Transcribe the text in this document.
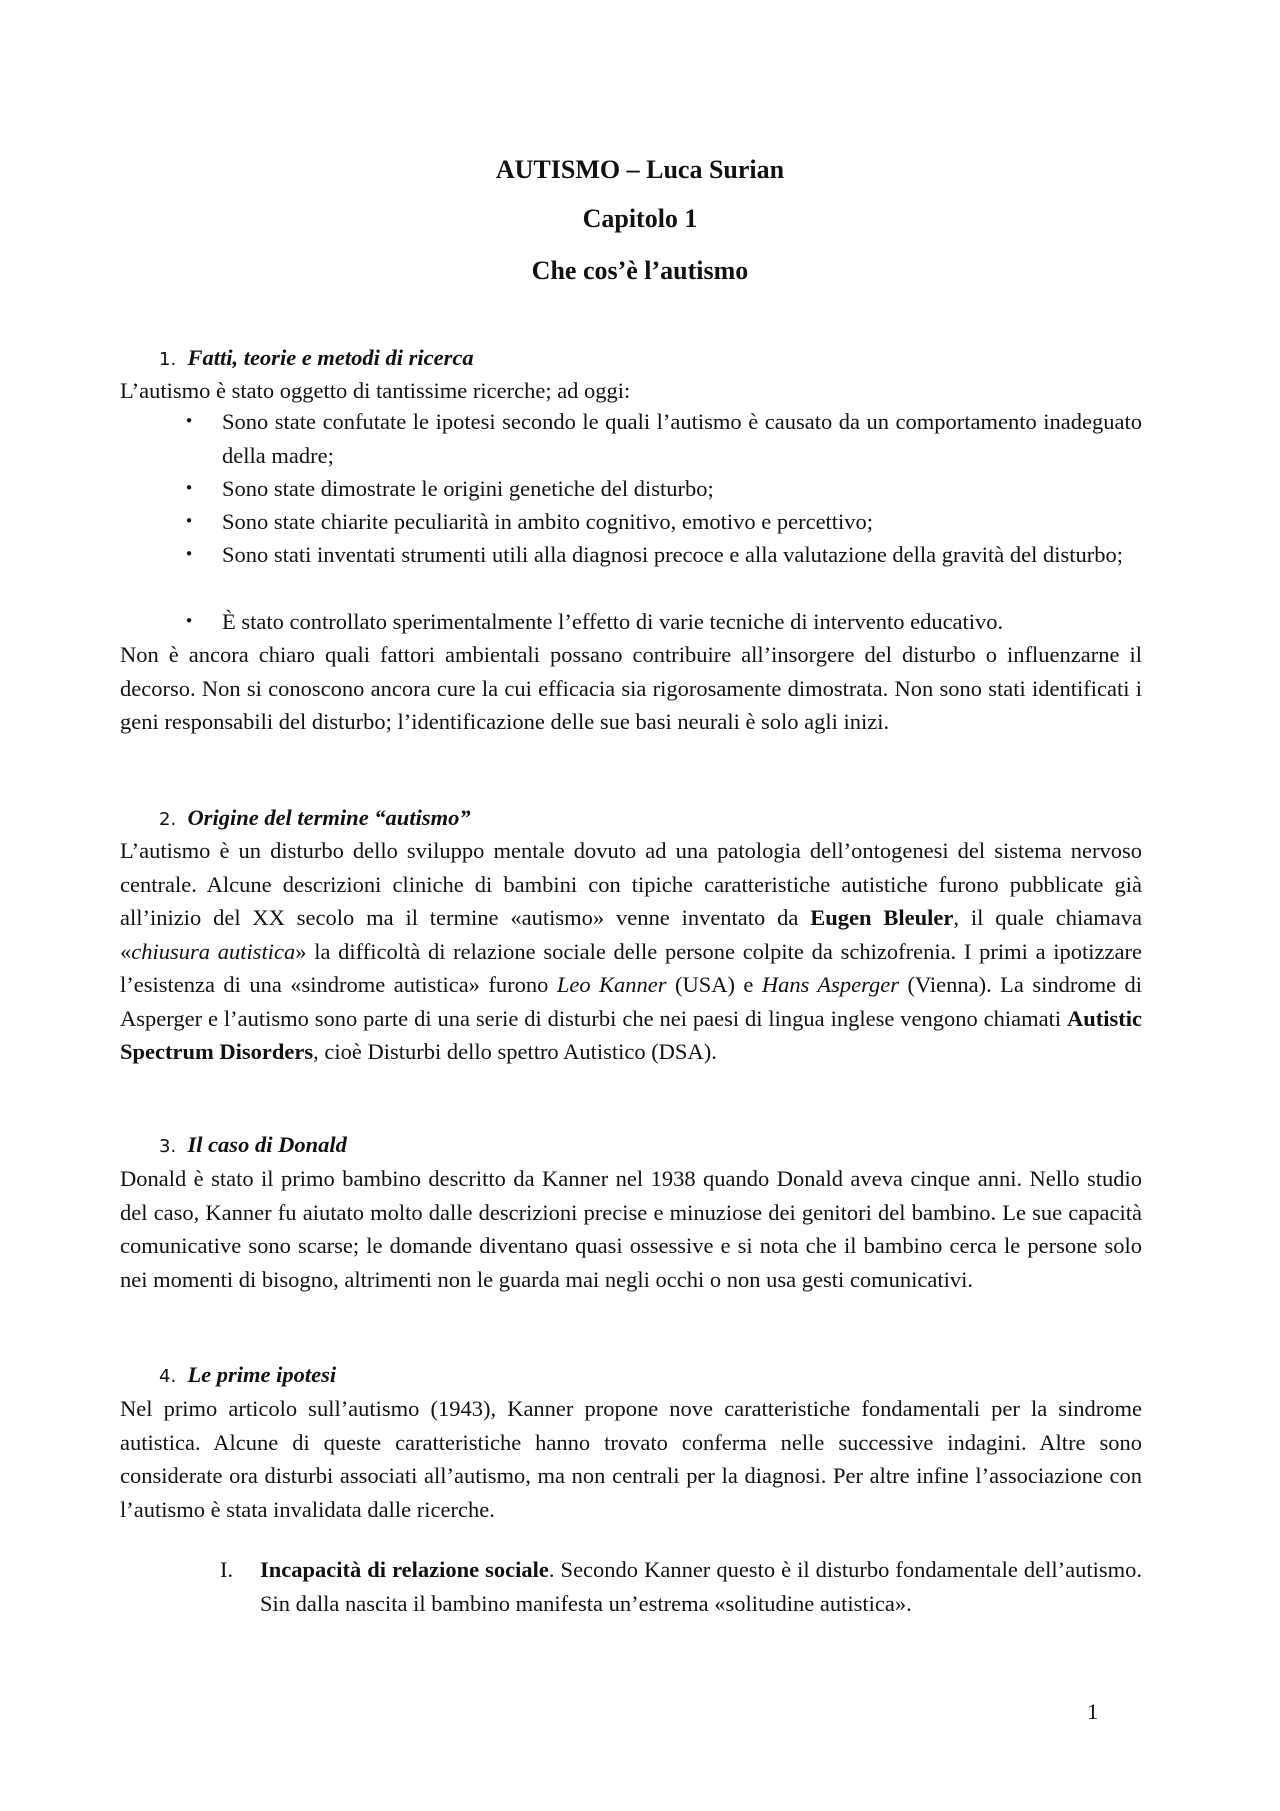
AUTISMO – Luca Surian
Capitolo 1
Che cos’è l’autismo
1. Fatti, teorie e metodi di ricerca
L’autismo è stato oggetto di tantissime ricerche; ad oggi:
• Sono state confutate le ipotesi secondo le quali l’autismo è causato da un comportamento inadeguato della madre;
• Sono state dimostrate le origini genetiche del disturbo;
• Sono state chiarite peculiarità in ambito cognitivo, emotivo e percettivo;
• Sono stati inventati strumenti utili alla diagnosi precoce e alla valutazione della gravità del disturbo;
• È stato controllato sperimentalmente l’effetto di varie tecniche di intervento educativo.
Non è ancora chiaro quali fattori ambientali possano contribuire all’insorgere del disturbo o influenzarne il decorso. Non si conoscono ancora cure la cui efficacia sia rigorosamente dimostrata. Non sono stati identificati i geni responsabili del disturbo; l’identificazione delle sue basi neurali è solo agli inizi.
2. Origine del termine “autismo”
L’autismo è un disturbo dello sviluppo mentale dovuto ad una patologia dell’ontogenesi del sistema nervoso centrale. Alcune descrizioni cliniche di bambini con tipiche caratteristiche autistiche furono pubblicate già all’inizio del XX secolo ma il termine «autismo» venne inventato da Eugen Bleuler, il quale chiamava «chiusura autistica» la difficoltà di relazione sociale delle persone colpite da schizofrenia. I primi a ipotizzare l’esistenza di una «sindrome autistica» furono Leo Kanner (USA) e Hans Asperger (Vienna). La sindrome di Asperger e l’autismo sono parte di una serie di disturbi che nei paesi di lingua inglese vengono chiamati Autistic Spectrum Disorders, cioè Disturbi dello spettro Autistico (DSA).
3. Il caso di Donald
Donald è stato il primo bambino descritto da Kanner nel 1938 quando Donald aveva cinque anni. Nello studio del caso, Kanner fu aiutato molto dalle descrizioni precise e minuziose dei genitori del bambino. Le sue capacità comunicative sono scarse; le domande diventano quasi ossessive e si nota che il bambino cerca le persone solo nei momenti di bisogno, altrimenti non le guarda mai negli occhi o non usa gesti comunicativi.
4. Le prime ipotesi
Nel primo articolo sull’autismo (1943), Kanner propone nove caratteristiche fondamentali per la sindrome autistica. Alcune di queste caratteristiche hanno trovato conferma nelle successive indagini. Altre sono considerate ora disturbi associati all’autismo, ma non centrali per la diagnosi. Per altre infine l’associazione con l’autismo è stata invalidata dalle ricerche.
I. Incapacità di relazione sociale. Secondo Kanner questo è il disturbo fondamentale dell’autismo. Sin dalla nascita il bambino manifesta un’estrema «solitudine autistica».
1
